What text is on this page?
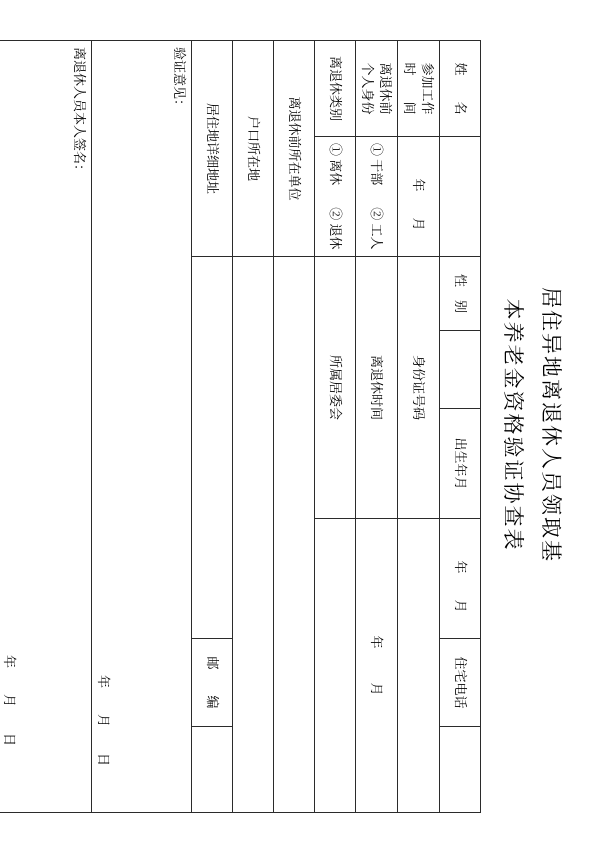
居住异地离退休人员领取基
本养老金资格验证协查表
姓　　名		性　别		出生年月	年月	住宅电话	

参加工作
时　　间	年月	身份证号码					

离退休前
个人身份	① 干部② 工人	离退休时间			年月		
离退休类别	① 离休② 退休	所属居委会					
离退休前所在单位							
户口所在地							
居住地详细地址						邮　　编	

验证意见：
年　　月　　日							

离退休人员本人签名：
年　　月　　日							
